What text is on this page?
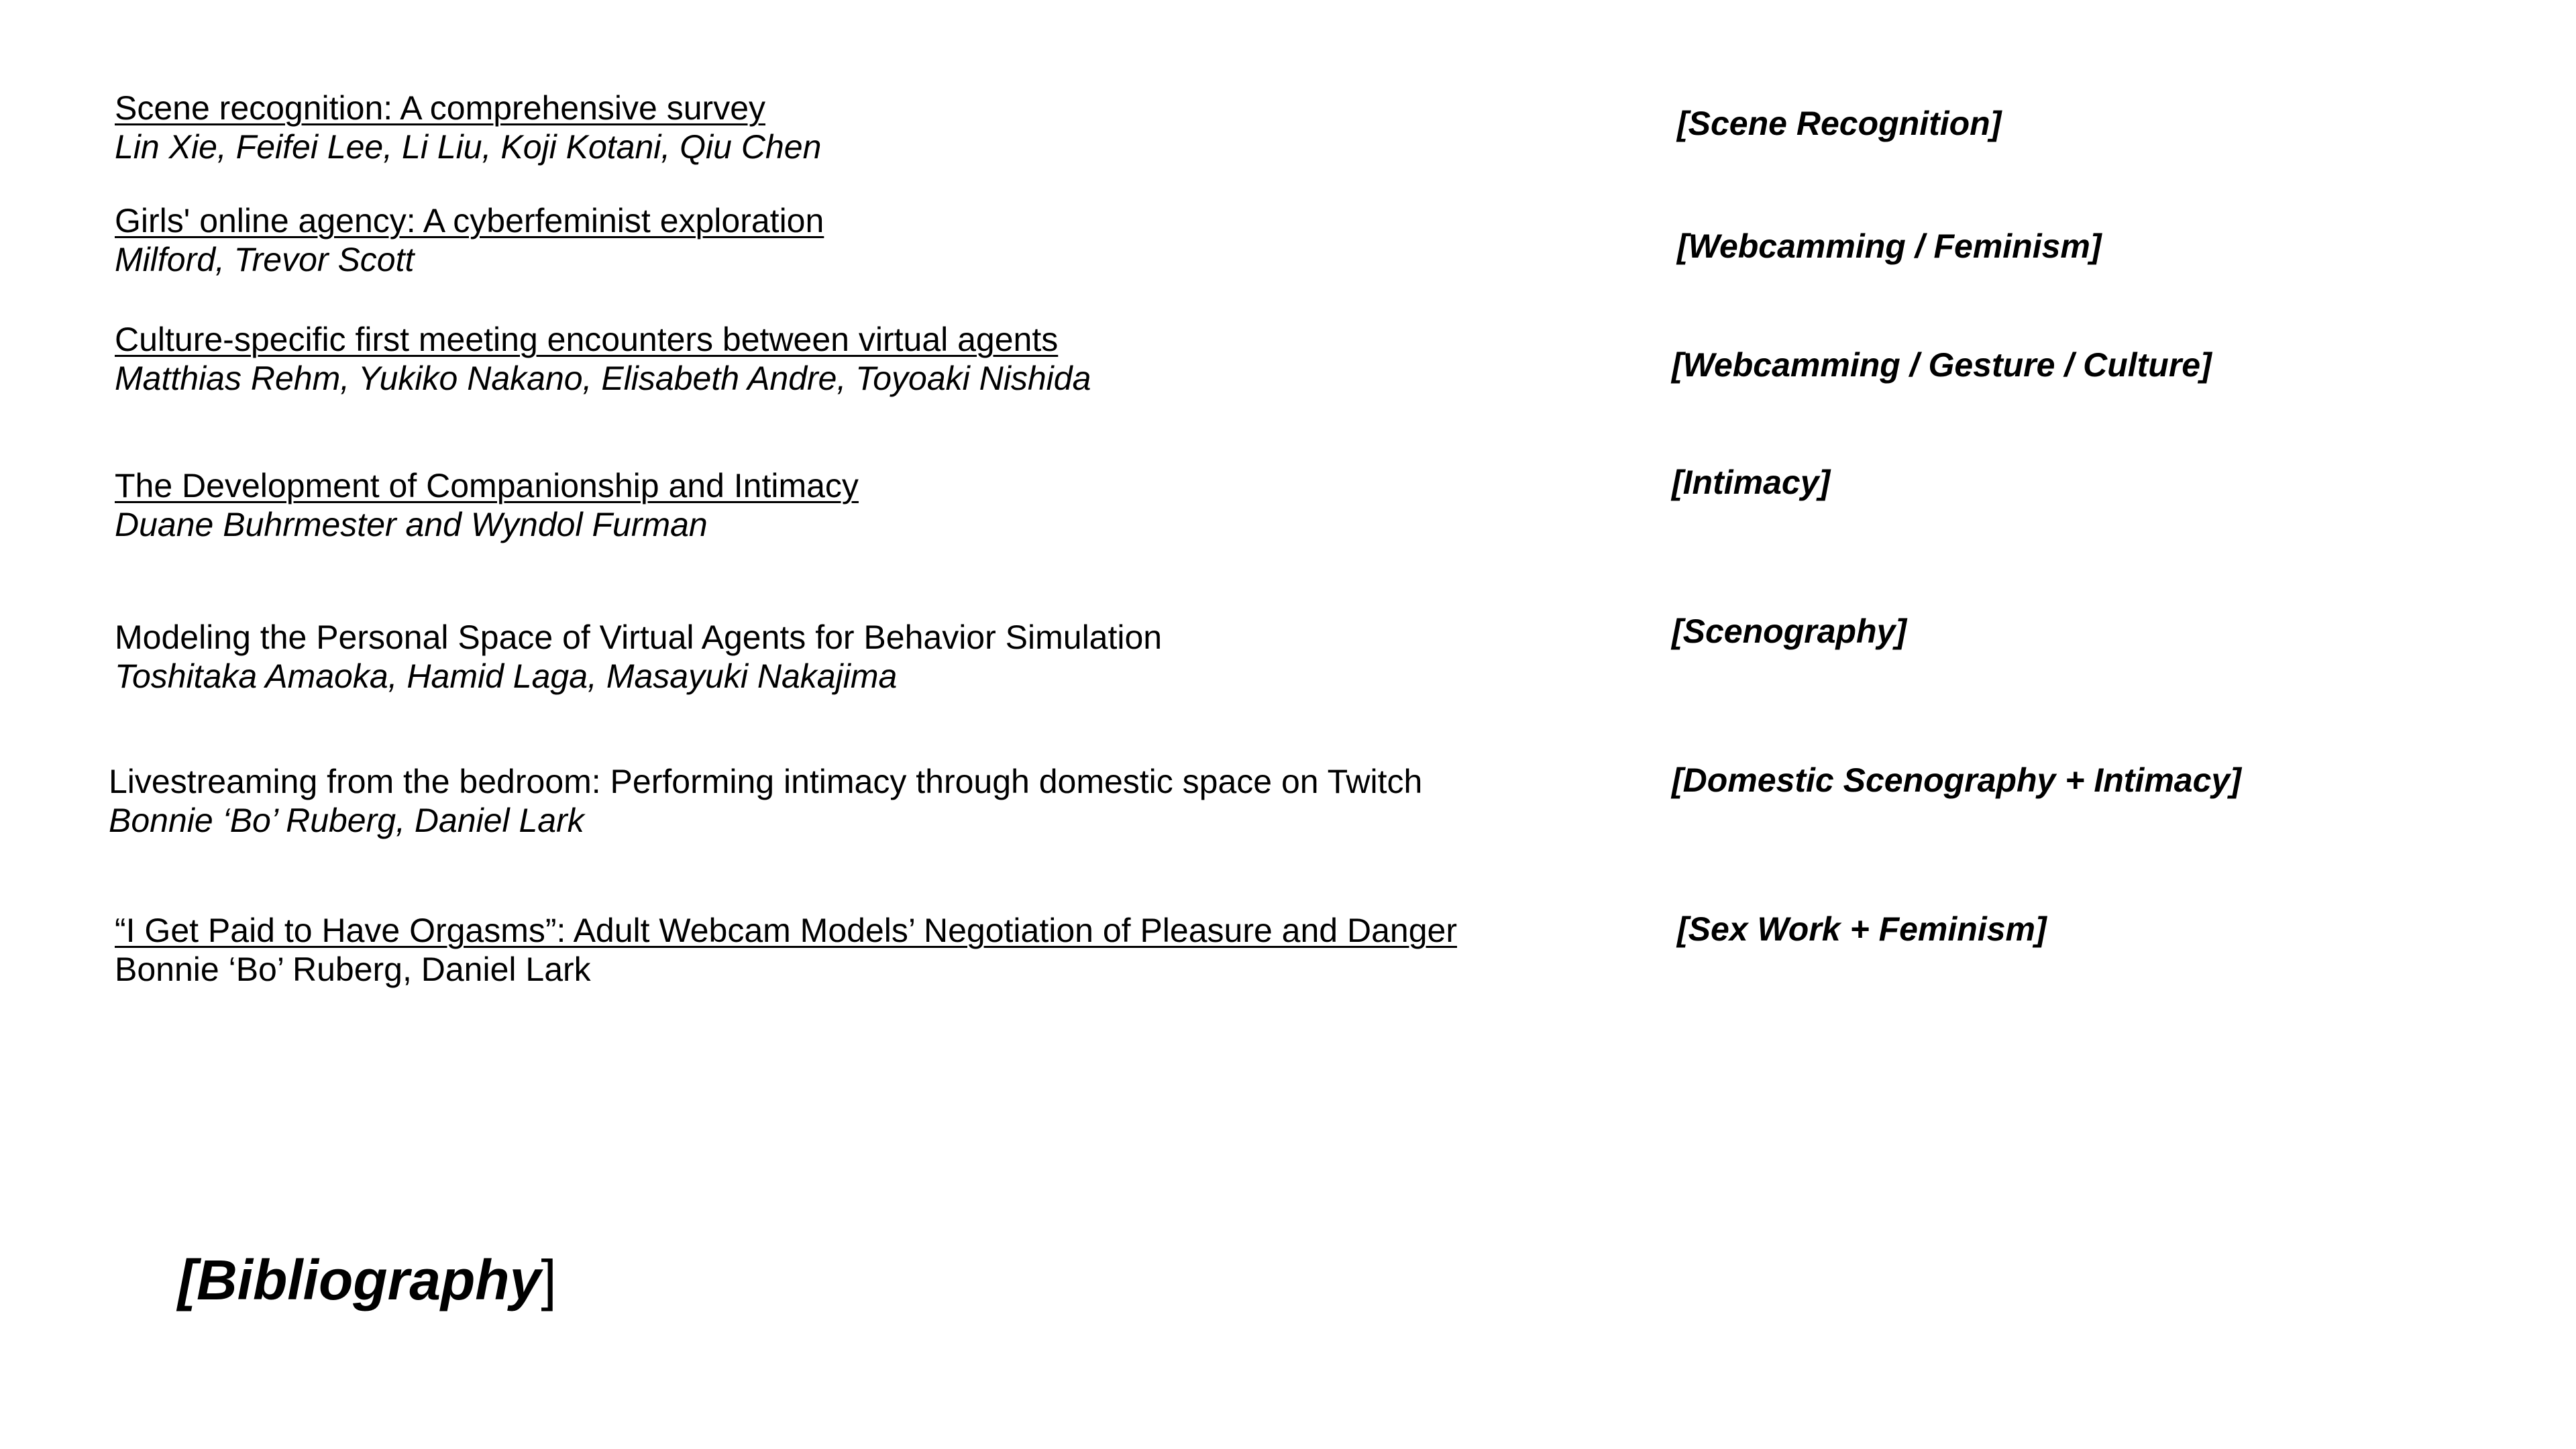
Scene recognition: A comprehensive survey
Lin Xie, Feifei Lee, Li Liu, Koji Kotani, Qiu Chen
[Scene Recognition]
Girls' online agency: A cyberfeminist exploration
Milford, Trevor Scott	[Webcamming / Feminism]
Culture-specific first meeting encounters between virtual agents
Matthias Rehm, Yukiko Nakano, Elisabeth Andre, Toyoaki Nishida	[Webcamming / Gesture / Culture]
The Development of Companionship and Intimacy
Duane Buhrmester and Wyndol Furman
[Intimacy]
Modeling the Personal Space of Virtual Agents for Behavior Simulation
Toshitaka Amaoka, Hamid Laga, Masayuki Nakajima
[Scenography]
Livestreaming from the bedroom: Performing intimacy through domestic space on Twitch
Bonnie ‘Bo’ Ruberg, Daniel Lark
[Domestic Scenography + Intimacy]
“I Get Paid to Have Orgasms”: Adult Webcam Models’ Negotiation of Pleasure and Danger
Bonnie ‘Bo’ Ruberg, Daniel Lark
[Sex Work + Feminism]
[Bibliography]
